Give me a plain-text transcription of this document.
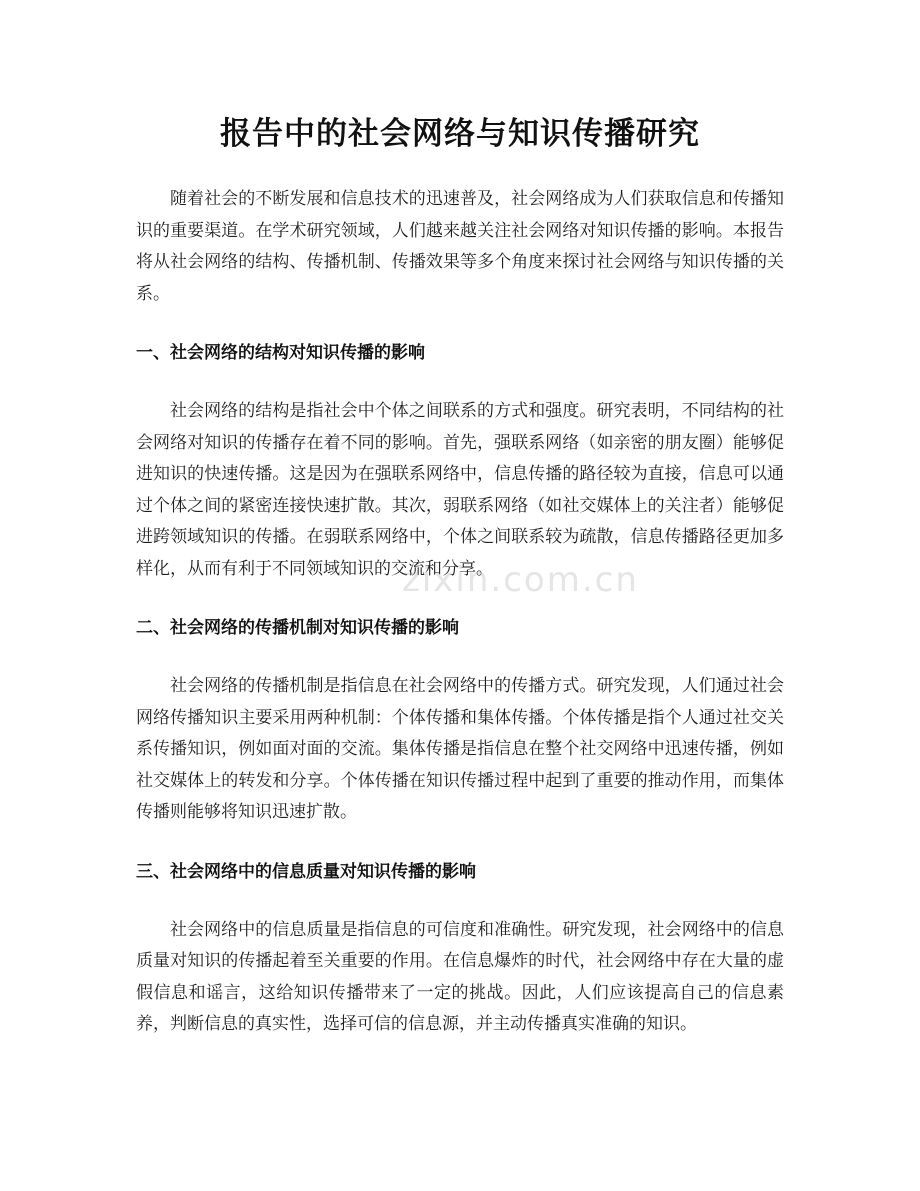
报告中的社会网络与知识传播研究

随着社会的不断发展和信息技术的迅速普及，社会网络成为人们获取信息和传播知识的重要渠道。在学术研究领域，人们越来越关注社会网络对知识传播的影响。本报告将从社会网络的结构、传播机制、传播效果等多个角度来探讨社会网络与知识传播的关系。

一、社会网络的结构对知识传播的影响

社会网络的结构是指社会中个体之间联系的方式和强度。研究表明，不同结构的社会网络对知识的传播存在着不同的影响。首先，强联系网络（如亲密的朋友圈）能够促进知识的快速传播。这是因为在强联系网络中，信息传播的路径较为直接，信息可以通过个体之间的紧密连接快速扩散。其次，弱联系网络（如社交媒体上的关注者）能够促进跨领域知识的传播。在弱联系网络中，个体之间联系较为疏散，信息传播路径更加多样化，从而有利于不同领域知识的交流和分享。

二、社会网络的传播机制对知识传播的影响

社会网络的传播机制是指信息在社会网络中的传播方式。研究发现，人们通过社会网络传播知识主要采用两种机制：个体传播和集体传播。个体传播是指个人通过社交关系传播知识，例如面对面的交流。集体传播是指信息在整个社交网络中迅速传播，例如社交媒体上的转发和分享。个体传播在知识传播过程中起到了重要的推动作用，而集体传播则能够将知识迅速扩散。

三、社会网络中的信息质量对知识传播的影响

社会网络中的信息质量是指信息的可信度和准确性。研究发现，社会网络中的信息质量对知识的传播起着至关重要的作用。在信息爆炸的时代，社会网络中存在大量的虚假信息和谣言，这给知识传播带来了一定的挑战。因此，人们应该提高自己的信息素养，判断信息的真实性，选择可信的信息源，并主动传播真实准确的知识。

zixin.com.cn
